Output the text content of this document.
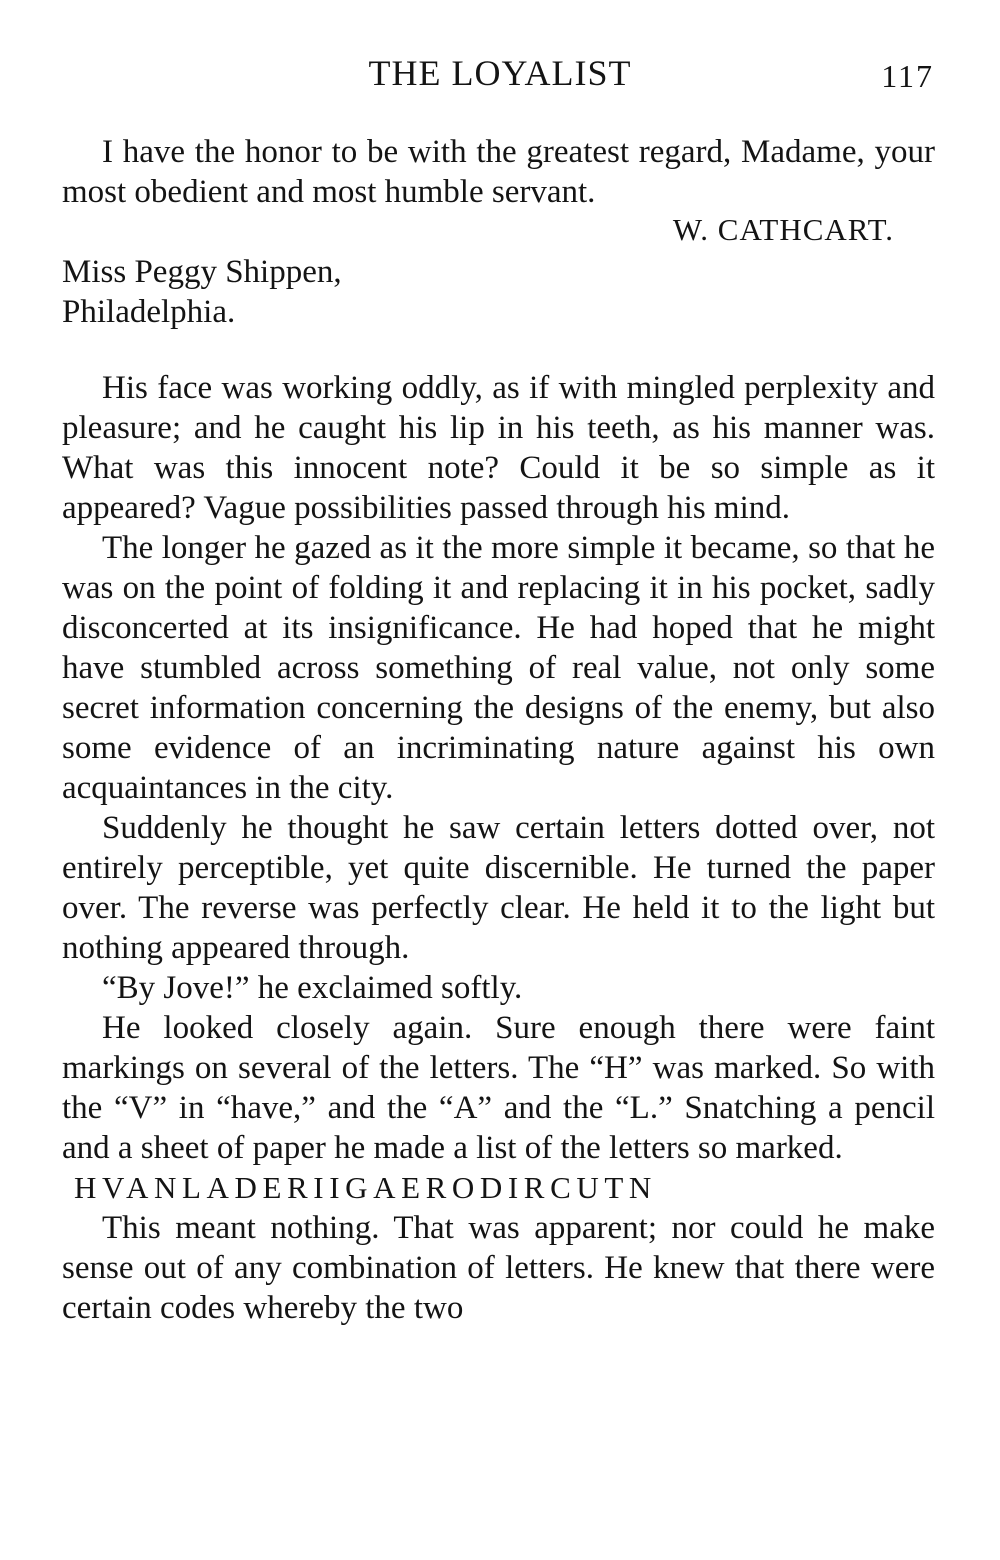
THE LOYALIST	117

I have the honor to be with the greatest regard, Madame, your most obedient and most humble servant.

W. CATHCART.
Miss Peggy Shippen,
Philadelphia.

His face was working oddly, as if with mingled perplexity and pleasure; and he caught his lip in his teeth, as his manner was. What was this innocent note? Could it be so simple as it appeared? Vague possibilities passed through his mind.

The longer he gazed as it the more simple it became, so that he was on the point of folding it and replacing it in his pocket, sadly disconcerted at its insignificance. He had hoped that he might have stumbled across something of real value, not only some secret information concerning the designs of the enemy, but also some evidence of an incriminating nature against his own acquaintances in the city.

Suddenly he thought he saw certain letters dotted over, not entirely perceptible, yet quite discernible. He turned the paper over. The reverse was perfectly clear. He held it to the light but nothing appeared through.

“By Jove!” he exclaimed softly.

He looked closely again. Sure enough there were faint markings on several of the letters. The “H” was marked. So with the “V” in “have,” and the “A” and the “L.” Snatching a pencil and a sheet of paper he made a list of the letters so marked.

HVANLADERIIGAERODIRCUTN

This meant nothing. That was apparent; nor could he make sense out of any combination of letters. He knew that there were certain codes whereby the two
